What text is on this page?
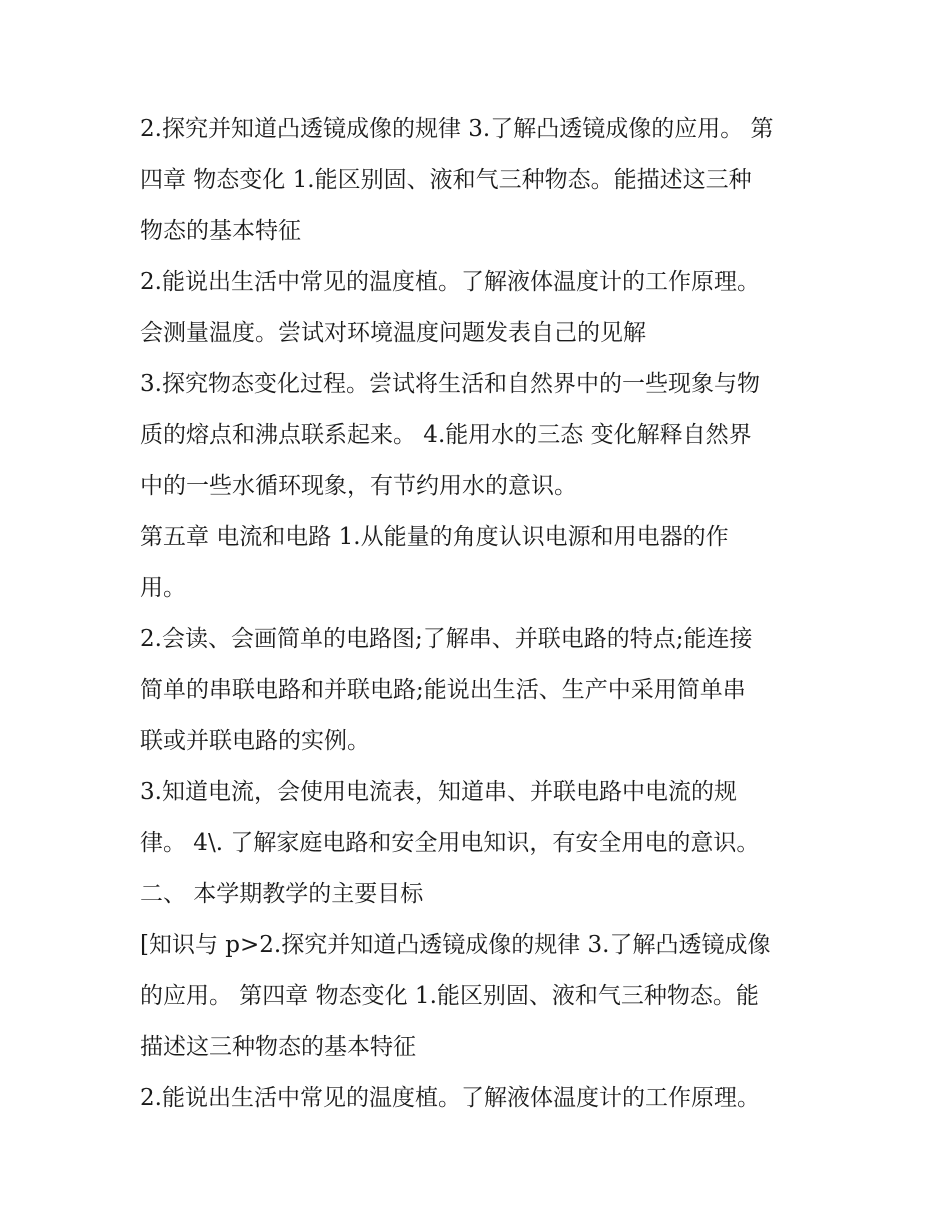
2.探究并知道凸透镜成像的规律 3.了解凸透镜成像的应用。 第
四章 物态变化 1.能区别固、液和气三种物态。能描述这三种
物态的基本特征
2.能说出生活中常见的温度植。了解液体温度计的工作原理。
会测量温度。尝试对环境温度问题发表自己的见解
3.探究物态变化过程。尝试将生活和自然界中的一些现象与物
质的熔点和沸点联系起来。 4.能用水的三态 变化解释自然界
中的一些水循环现象，有节约用水的意识。
第五章 电流和电路 1.从能量的角度认识电源和用电器的作
用。
2.会读、会画简单的电路图;了解串、并联电路的特点;能连接
简单的串联电路和并联电路;能说出生活、生产中采用简单串
联或并联电路的实例。
3.知道电流，会使用电流表，知道串、并联电路中电流的规
律。 4\. 了解家庭电路和安全用电知识，有安全用电的意识。
二、 本学期教学的主要目标
[知识与 p>2.探究并知道凸透镜成像的规律 3.了解凸透镜成像
的应用。 第四章 物态变化 1.能区别固、液和气三种物态。能
描述这三种物态的基本特征
2.能说出生活中常见的温度植。了解液体温度计的工作原理。
